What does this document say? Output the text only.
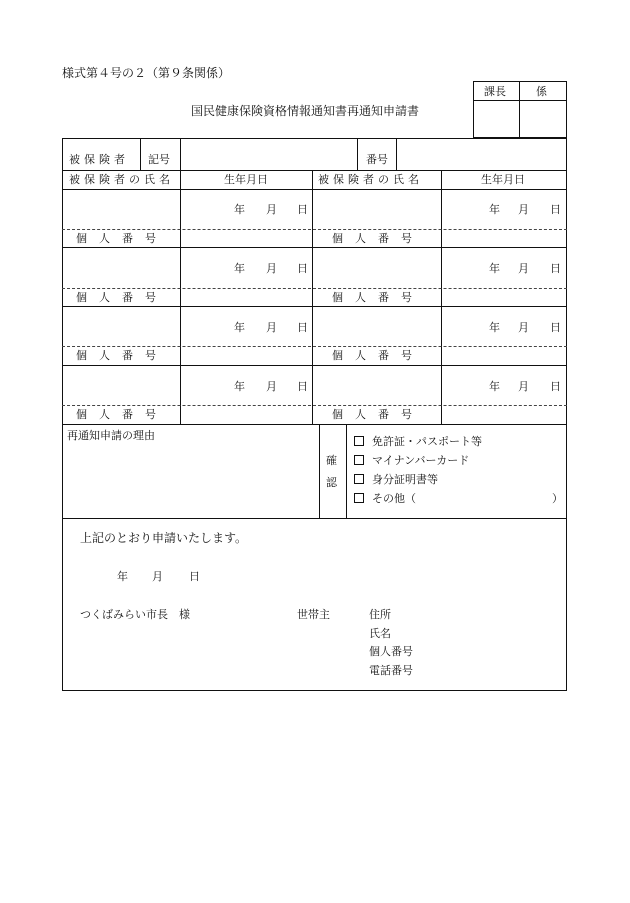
様式第４号の２（第９条関係）
国民健康保険資格情報通知書再通知申請書
課長	係
被保険者 記号	番号
被保険者の氏名	生年月日	被保険者の氏名	生年月日
年 月 日	年 月 日
個人番号	個人番号
年 月 日	年 月 日
個人番号	個人番号
年 月 日	年 月 日
個人番号	個人番号
年 月 日	年 月 日
個人番号	個人番号
再通知申請の理由
確
認
免許証・パスポート等
マイナンバーカード
身分証明書等
その他（	）
上記のとおり申請いたします。
年 月 日
つくばみらい市長　様	世帯主	住所
氏名
個人番号
電話番号
